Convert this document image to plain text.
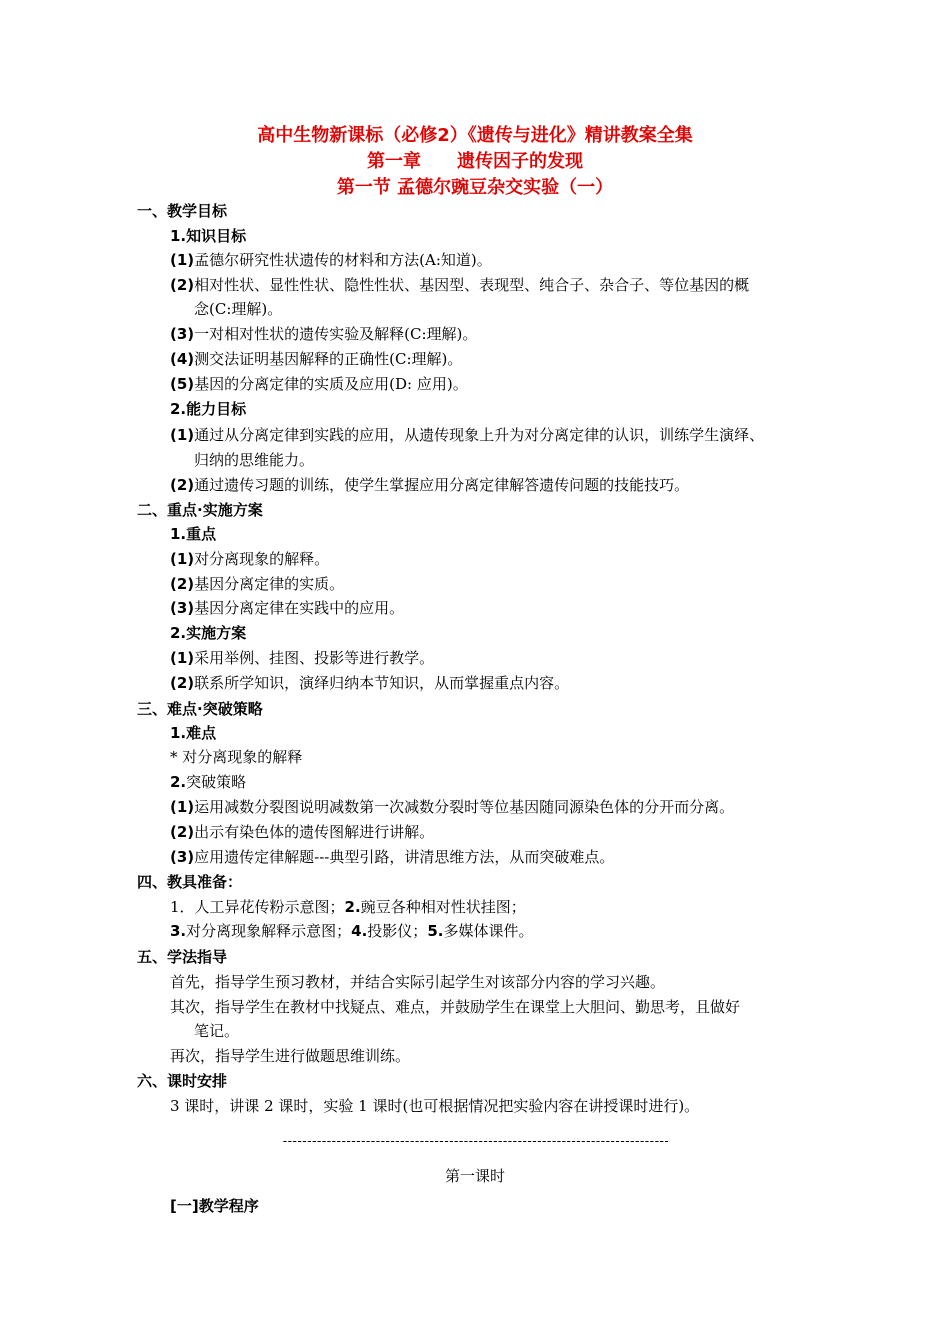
高中生物新课标（必修2）《遗传与进化》精讲教案全集
第一章　　遗传因子的发现
第一节 孟德尔豌豆杂交实验（一）
一、教学目标
1.知识目标
(1)孟德尔研究性状遗传的材料和方法(A:知道)。
(2)相对性状、显性性状、隐性性状、基因型、表现型、纯合子、杂合子、等位基因的概
念(C:理解)。
(3)一对相对性状的遗传实验及解释(C:理解)。
(4)测交法证明基因解释的正确性(C:理解)。
(5)基因的分离定律的实质及应用(D: 应用)。
2.能力目标
(1)通过从分离定律到实践的应用，从遗传现象上升为对分离定律的认识，训练学生演绎、
归纳的思维能力。
(2)通过遗传习题的训练，使学生掌握应用分离定律解答遗传问题的技能技巧。
二、重点·实施方案
1.重点
(1)对分离现象的解释。
(2)基因分离定律的实质。
(3)基因分离定律在实践中的应用。
2.实施方案
(1)采用举例、挂图、投影等进行教学。
(2)联系所学知识，演绎归纳本节知识，从而掌握重点内容。
三、难点·突破策略
1.难点
* 对分离现象的解释
2.突破策略
(1)运用减数分裂图说明减数第一次减数分裂时等位基因随同源染色体的分开而分离。
(2)出示有染色体的遗传图解进行讲解。
(3)应用遗传定律解题---典型引路，讲清思维方法，从而突破难点。
四、教具准备：
1．人工异花传粉示意图；2.豌豆各种相对性状挂图；
3.对分离现象解释示意图；4.投影仪；5.多媒体课件。
五、学法指导
首先，指导学生预习教材，并结合实际引起学生对该部分内容的学习兴趣。
其次，指导学生在教材中找疑点、难点，并鼓励学生在课堂上大胆问、勤思考，且做好
笔记。
再次，指导学生进行做题思维训练。
六、课时安排
3 课时，讲课 2 课时，实验 1 课时(也可根据情况把实验内容在讲授课时进行)。
-------------------------------------------------------------------------------
第一课时
[一]教学程序
